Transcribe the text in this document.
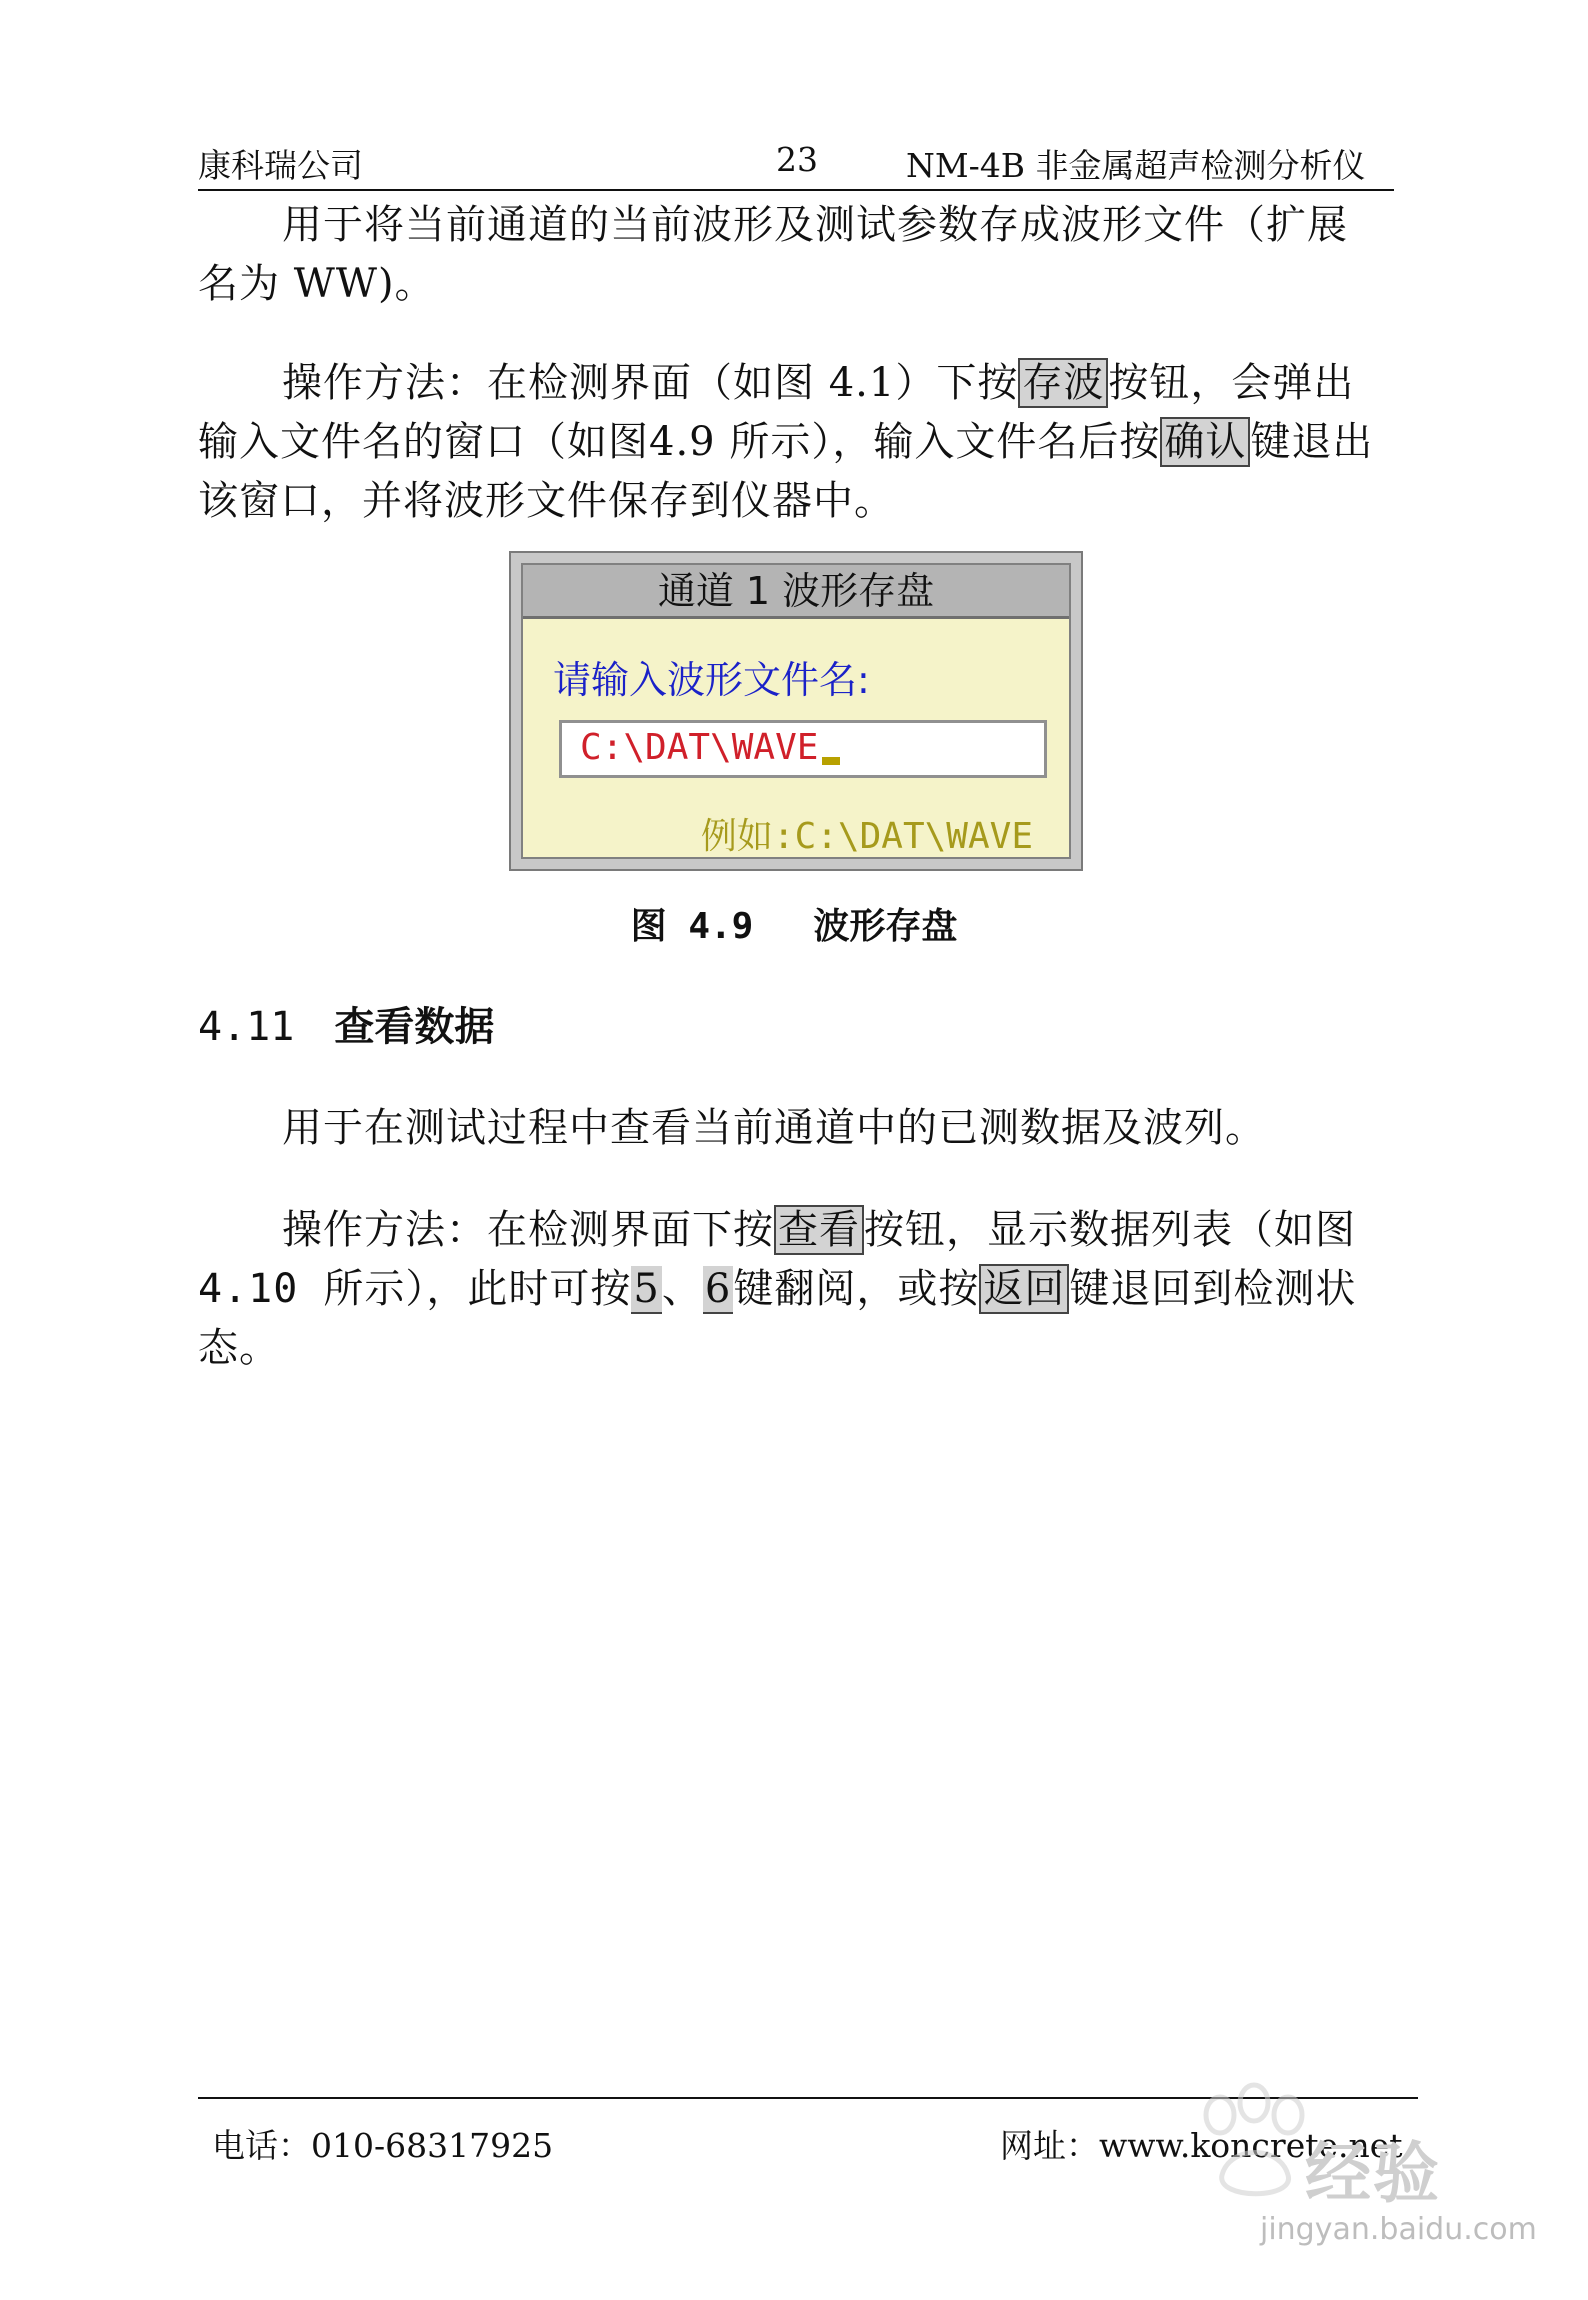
康科瑞公司	23	NM-4B 非金属超声检测分析仪
用于将当前通道的当前波形及测试参数存成波形文件（扩展
名为 WW)。
操作方法：在检测界面（如图 4.1）下按 存波 按钮，会弹出
输入文件名的窗口（如图4.9 所示），输入文件名后按 确认 键退出
该窗口，并将波形文件保存到仪器中。
通道 1 波形存盘
请输入波形文件名:
C:\DAT\WAVE
例如:C:\DAT\WAVE
图 4.9 波形存盘
4.11 查看数据
用于在测试过程中查看当前通道中的已测数据及波列。
操作方法：在检测界面下按 查看 按钮，显示数据列表（如图
4.10 所示），此时可按5、6键翻阅，或按 返回 键退回到检测状
态。
电话：010-68317925	网址：www.koncrete.net
经验
jingyan.baidu.com
